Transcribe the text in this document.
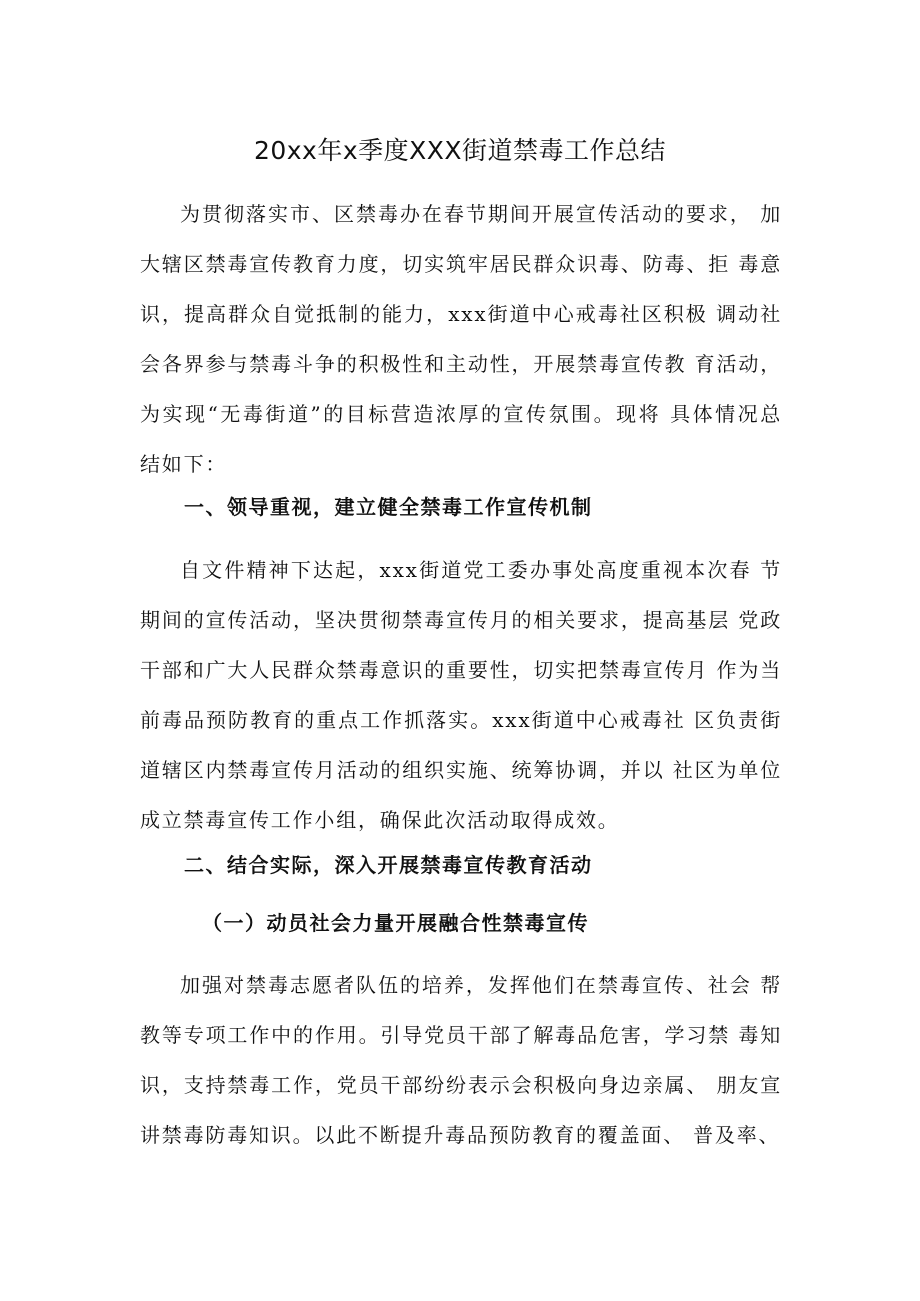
20xx年x季度XXX街道禁毒工作总结

为贯彻落实市、区禁毒办在春节期间开展宣传活动的要求， 加大辖区禁毒宣传教育力度，切实筑牢居民群众识毒、防毒、拒 毒意识，提高群众自觉抵制的能力，xxx街道中心戒毒社区积极 调动社会各界参与禁毒斗争的积极性和主动性，开展禁毒宣传教 育活动，为实现“无毒街道”的目标营造浓厚的宣传氛围。现将 具体情况总结如下：

一、领导重视，建立健全禁毒工作宣传机制

自文件精神下达起，xxx街道党工委办事处高度重视本次春 节期间的宣传活动，坚决贯彻禁毒宣传月的相关要求，提高基层 党政干部和广大人民群众禁毒意识的重要性，切实把禁毒宣传月 作为当前毒品预防教育的重点工作抓落实。xxx街道中心戒毒社 区负责街道辖区内禁毒宣传月活动的组织实施、统筹协调，并以 社区为单位成立禁毒宣传工作小组，确保此次活动取得成效。

二、结合实际，深入开展禁毒宣传教育活动
（一）动员社会力量开展融合性禁毒宣传

加强对禁毒志愿者队伍的培养，发挥他们在禁毒宣传、社会 帮教等专项工作中的作用。引导党员干部了解毒品危害，学习禁 毒知识，支持禁毒工作，党员干部纷纷表示会积极向身边亲属、 朋友宣讲禁毒防毒知识。以此不断提升毒品预防教育的覆盖面、 普及率、
